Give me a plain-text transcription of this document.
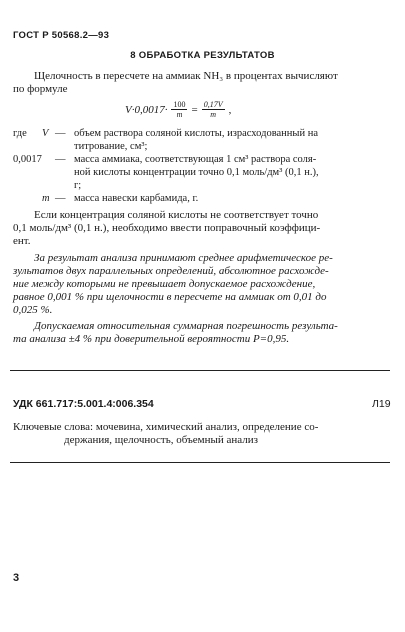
ГОСТ Р 50568.2—93
8 ОБРАБОТКА РЕЗУЛЬТАТОВ
Щелочность в пересчете на аммиак NH₃ в процентах вычисляют
по формуле
$V\cdot 0,0017\cdot \frac{100}{m} = \frac{0,17V}{m}$ ,
где V — объем раствора соляной кислоты, израсходованный на
титрование, см³;
0,0017 — масса аммиака, соответствующая 1 см³ раствора соля-
ной кислоты концентрации точно 0,1 моль/дм³ (0,1 н.),
г;
m — масса навески карбамида, г.
Если концентрация соляной кислоты не соответствует точно
0,1 моль/дм³ (0,1 н.), необходимо ввести поправочный коэффици-
ент.
За результат анализа принимают среднее арифметическое ре-
зультатов двух параллельных определений, абсолютное расхожде-
ние между которыми не превышает допускаемое расхождение,
равное 0,001 % при щелочности в пересчете на аммиак от 0,01 до
0,025 %.
Допускаемая относительная суммарная погрешность результа-
та анализа ±4 % при доверительной вероятности P=0,95.
УДК 661.717:5.001.4:006.354	Л19
Ключевые слова: мочевина, химический анализ, определение со-
держания, щелочность, объемный анализ
3
